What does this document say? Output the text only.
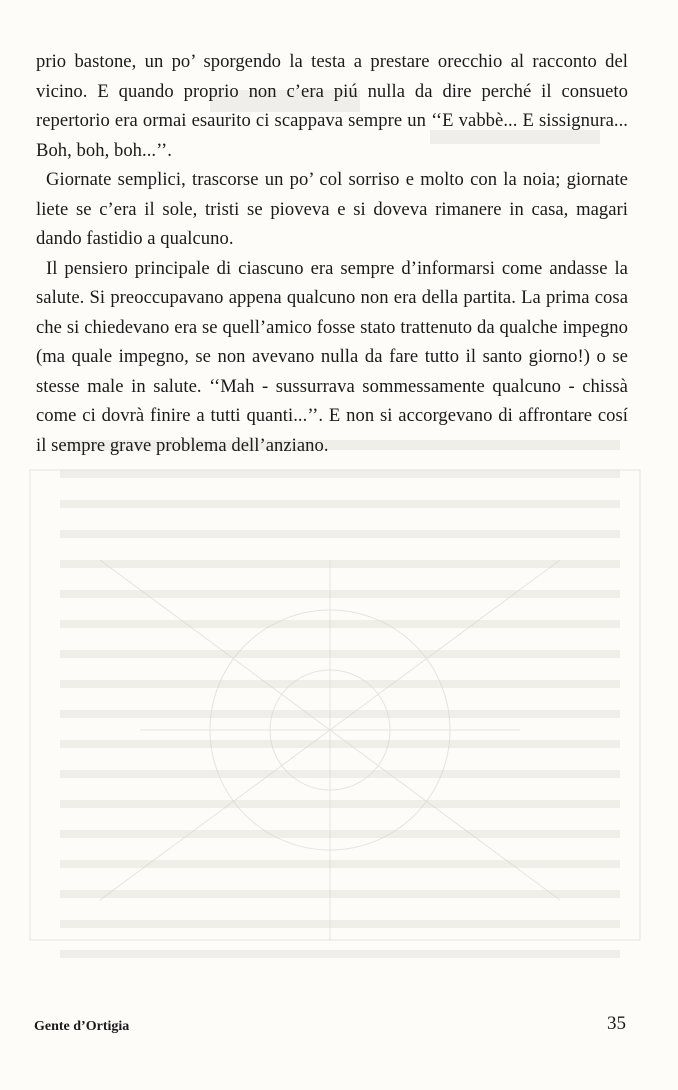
prio bastone, un po’ sporgendo la testa a prestare orecchio al racconto del vicino. E quando proprio non c’era piú nulla da dire perché il consueto repertorio era ormai esaurito ci scappava sempre un ‘‘E vabbè... E sissignura... Boh, boh, boh...’’.

Giornate semplici, trascorse un po’ col sorriso e molto con la noia; giornate liete se c’era il sole, tristi se pioveva e si doveva rimanere in casa, magari dando fastidio a qualcuno.

Il pensiero principale di ciascuno era sempre d’informarsi come andasse la salute. Si preoccupavano appena qualcuno non era della partita. La prima cosa che si chiedevano era se quell’amico fosse stato trattenuto da qualche impegno (ma quale impegno, se non avevano nulla da fare tutto il santo giorno!) o se stesse male in salute. ‘‘Mah - sussurrava sommessamente qualcuno - chissà come ci dovrà finire a tutti quanti...’’. E non si accorgevano di affrontare cosí il sempre grave problema dell’anziano.

Gente d’Ortigia	35
